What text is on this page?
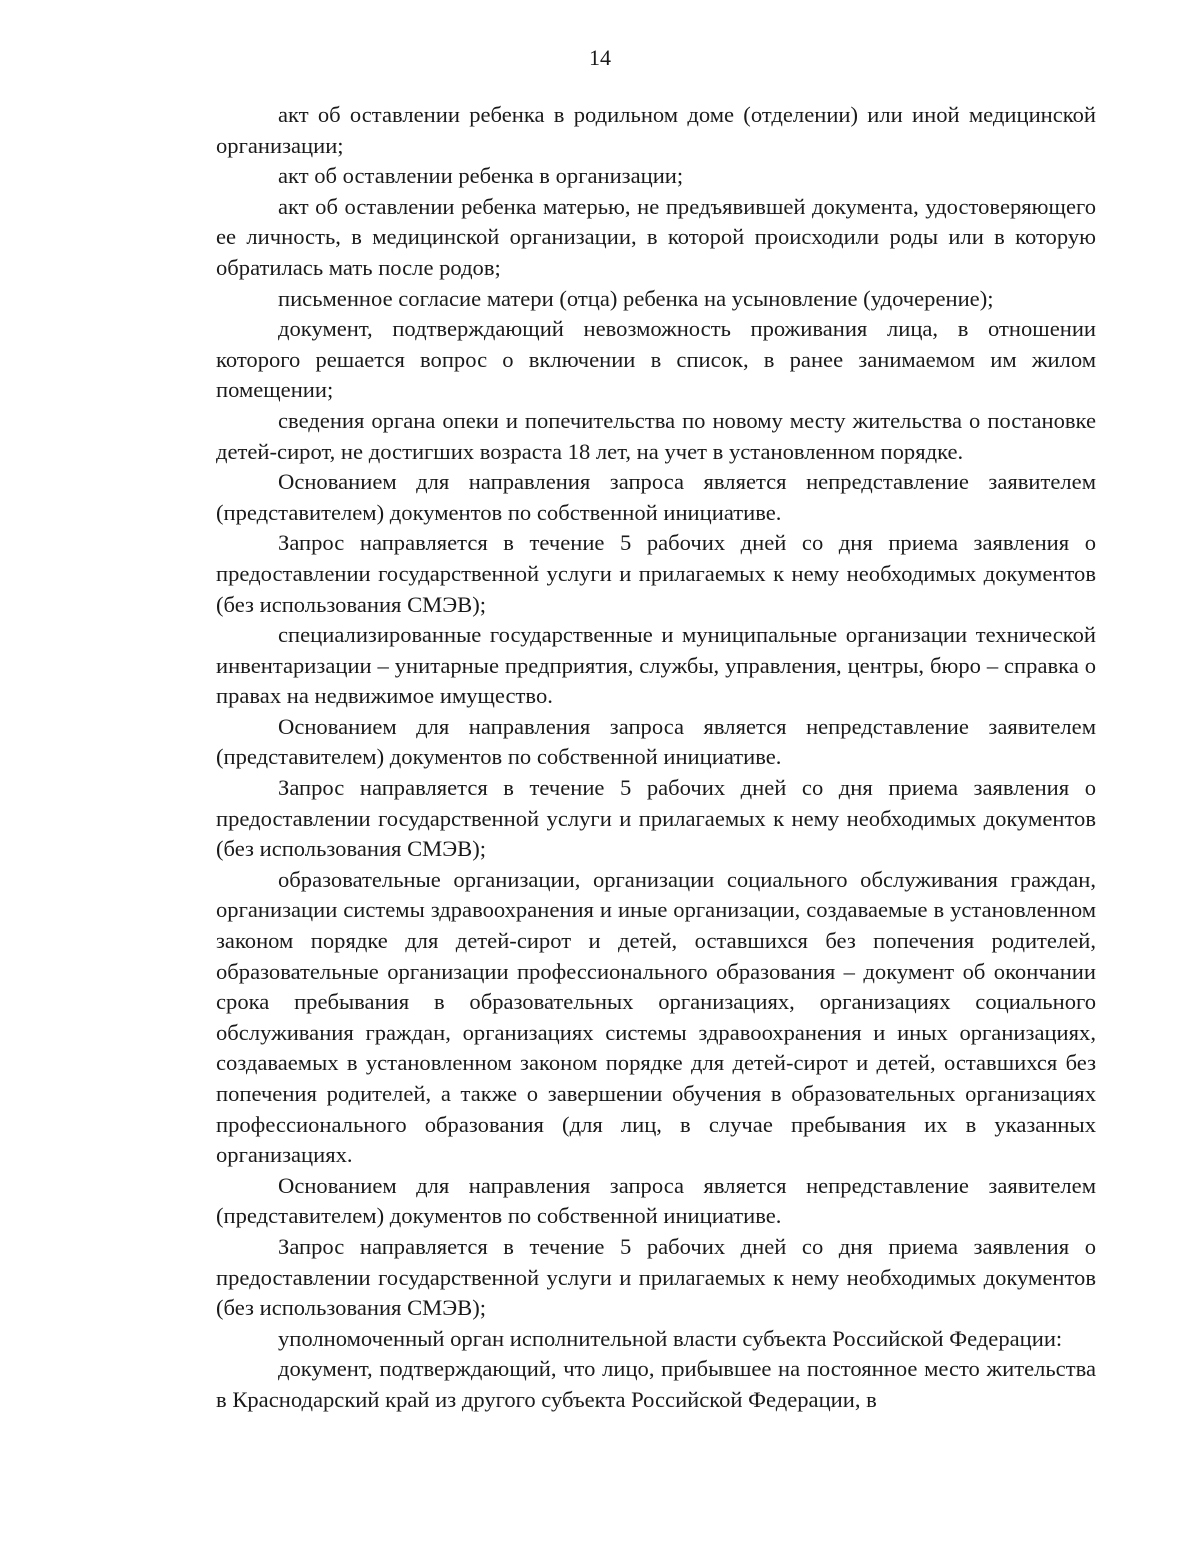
14

акт об оставлении ребенка в родильном доме (отделении) или иной медицинской организации;

акт об оставлении ребенка в организации;

акт об оставлении ребенка матерью, не предъявившей документа, удостоверяющего ее личность, в медицинской организации, в которой происходили роды или в которую обратилась мать после родов;

письменное согласие матери (отца) ребенка на усыновление (удочерение);

документ, подтверждающий невозможность проживания лица, в отношении которого решается вопрос о включении в список, в ранее занимаемом им жилом помещении;

сведения органа опеки и попечительства по новому месту жительства о постановке детей-сирот, не достигших возраста 18 лет, на учет в установленном порядке.

Основанием для направления запроса является непредставление заявителем (представителем) документов по собственной инициативе.

Запрос направляется в течение 5 рабочих дней со дня приема заявления о предоставлении государственной услуги и прилагаемых к нему необходимых документов (без использования СМЭВ);

специализированные государственные и муниципальные организации технической инвентаризации – унитарные предприятия, службы, управления, центры, бюро – справка о правах на недвижимое имущество.

Основанием для направления запроса является непредставление заявителем (представителем) документов по собственной инициативе.

Запрос направляется в течение 5 рабочих дней со дня приема заявления о предоставлении государственной услуги и прилагаемых к нему необходимых документов (без использования СМЭВ);

образовательные организации, организации социального обслуживания граждан, организации системы здравоохранения и иные организации, создаваемые в установленном законом порядке для детей-сирот и детей, оставшихся без попечения родителей, образовательные организации профессионального образования – документ об окончании срока пребывания в образовательных организациях, организациях социального обслуживания граждан, организациях системы здравоохранения и иных организациях, создаваемых в установленном законом порядке для детей-сирот и детей, оставшихся без попечения родителей, а также о завершении обучения в образовательных организациях профессионального образования (для лиц, в случае пребывания их в указанных организациях.

Основанием для направления запроса является непредставление заявителем (представителем) документов по собственной инициативе.

Запрос направляется в течение 5 рабочих дней со дня приема заявления о предоставлении государственной услуги и прилагаемых к нему необходимых документов (без использования СМЭВ);

уполномоченный орган исполнительной власти субъекта Российской Федерации:

документ, подтверждающий, что лицо, прибывшее на постоянное место жительства в Краснодарский край из другого субъекта Российской Федерации, в
